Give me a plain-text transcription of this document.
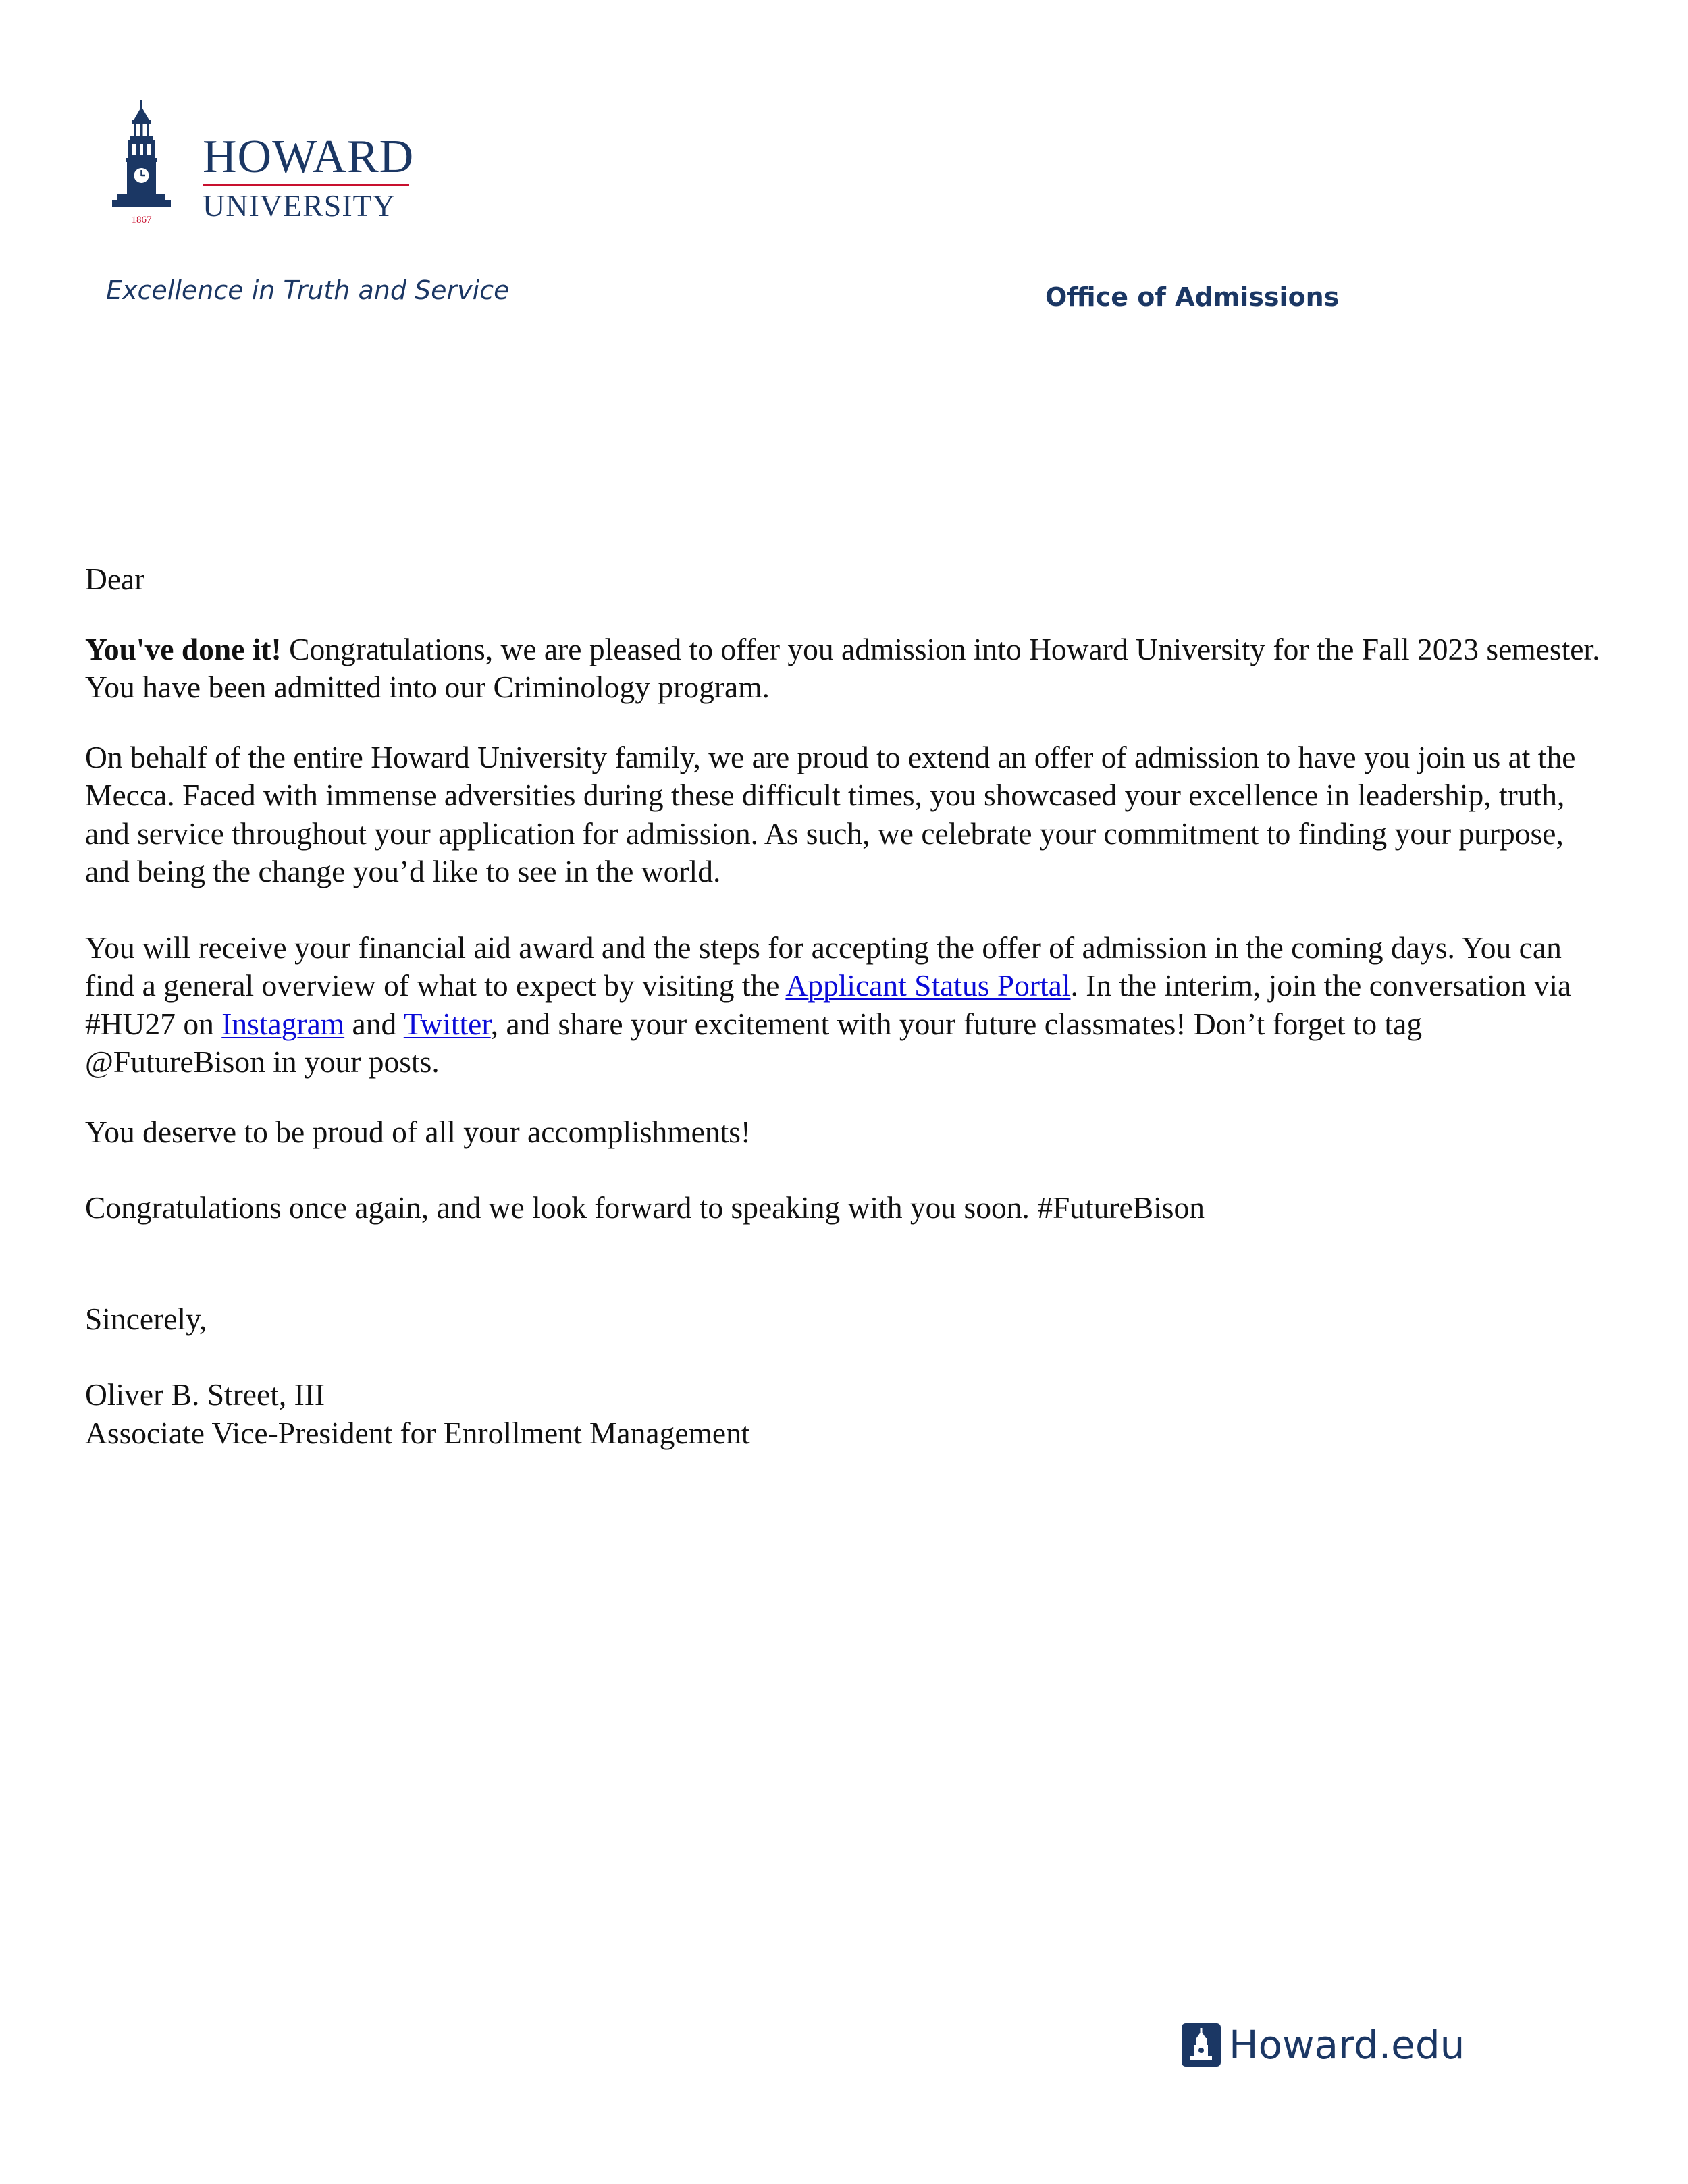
1867
HOWARD
UNIVERSITY
Excellence in Truth and Service	Office of Admissions

Dear

You've done it! Congratulations, we are pleased to offer you admission into Howard University for the Fall 2023 semester. You have been admitted into our Criminology program.

On behalf of the entire Howard University family, we are proud to extend an offer of admission to have you join us at the Mecca. Faced with immense adversities during these difficult times, you showcased your excellence in leadership, truth, and service throughout your application for admission. As such, we celebrate your commitment to finding your purpose, and being the change you’d like to see in the world.

You will receive your financial aid award and the steps for accepting the offer of admission in the coming days. You can find a general overview of what to expect by visiting the Applicant Status Portal. In the interim, join the conversation via #HU27 on Instagram and Twitter, and share your excitement with your future classmates! Don’t forget to tag @FutureBison in your posts.

You deserve to be proud of all your accomplishments!

Congratulations once again, and we look forward to speaking with you soon. #FutureBison

Sincerely,

Oliver B. Street, III

Associate Vice-President for Enrollment Management

Howard.edu
